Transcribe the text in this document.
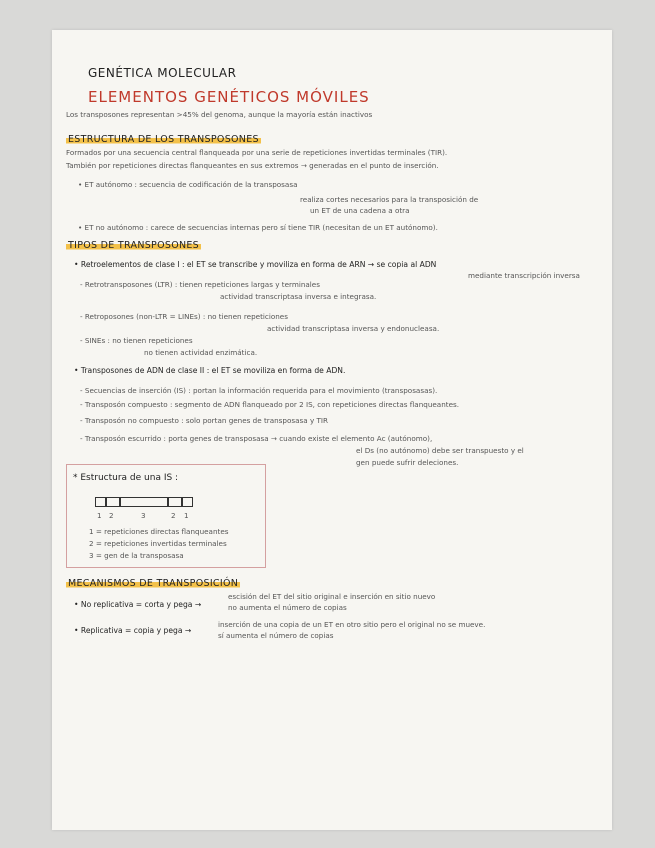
GENÉTICA MOLECULAR
ELEMENTOS GENÉTICOS MÓVILES
Los transposones representan >45% del genoma, aunque la mayoría están inactivos
ESTRUCTURA DE LOS TRANSPOSONES
Formados por una secuencia central flanqueada por una serie de repeticiones invertidas terminales (TIR).
También por repeticiones directas flanqueantes en sus extremos → generadas en el punto de inserción.
• ET autónomo : secuencia de codificación de la transposasa
realiza cortes necesarios para la transposición de
un ET de una cadena a otra
• ET no autónomo : carece de secuencias internas pero sí tiene TIR (necesitan de un ET autónomo).
TIPOS DE TRANSPOSONES
• Retroelementos de clase I : el ET se transcribe y moviliza en forma de ARN → se copia al ADN
mediante transcripción inversa
- Retrotransposones (LTR) : tienen repeticiones largas y terminales
actividad transcriptasa inversa e integrasa.
- Retroposones (non-LTR = LINEs) : no tienen repeticiones
actividad transcriptasa inversa y endonucleasa.
- SINEs : no tienen repeticiones
no tienen actividad enzimática.
• Transposones de ADN de clase II : el ET se moviliza en forma de ADN.
- Secuencias de inserción (IS) : portan la información requerida para el movimiento (transposasas).
- Transposón compuesto : segmento de ADN flanqueado por 2 IS, con repeticiones directas flanqueantes.
- Transposón no compuesto : solo portan genes de transposasa y TIR
- Transposón escurrido : porta genes de transposasa → cuando existe el elemento Ac (autónomo),
el Ds (no autónomo) debe ser transpuesto y el
gen puede sufrir deleciones.
* Estructura de una IS :
1 2	3	2 1
1 = repeticiones directas flanqueantes
2 = repeticiones invertidas terminales
3 = gen de la transposasa
MECANISMOS DE TRANSPOSICIÓN
• No replicativa = corta y pega →
escisión del ET del sitio original e inserción en sitio nuevo
no aumenta el número de copias
• Replicativa = copia y pega →
inserción de una copia de un ET en otro sitio pero el original no se mueve.
sí aumenta el número de copias
